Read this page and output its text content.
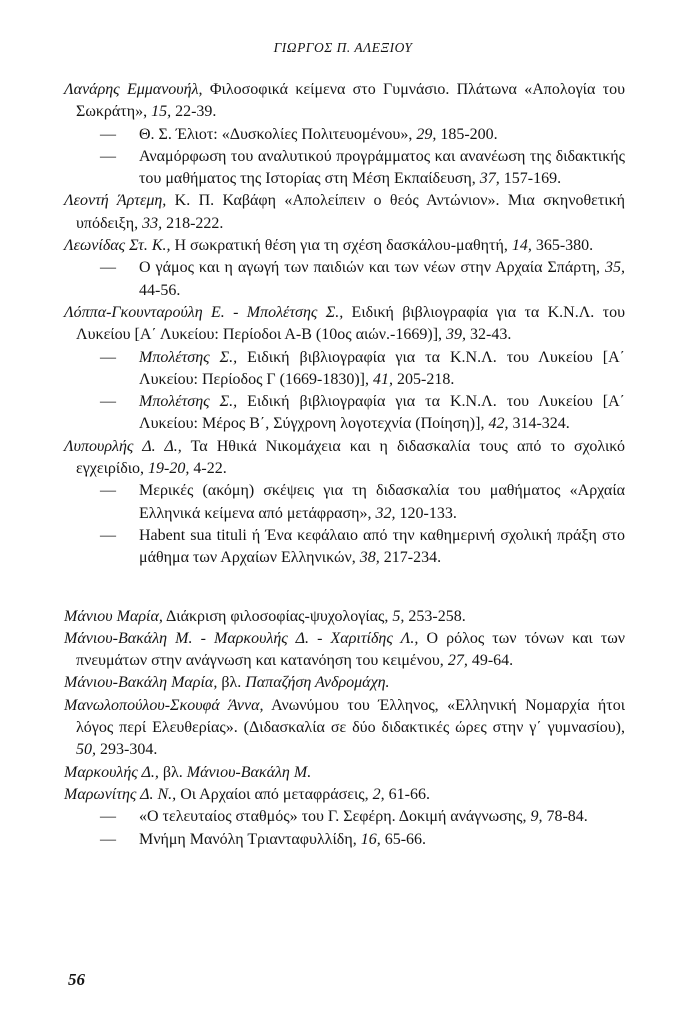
ΓΙΩΡΓΟΣ Π. ΑΛΕΞΙΟΥ

Λανάρης Εμμανουήλ, Φιλοσοφικά κείμενα στο Γυμνάσιο. Πλάτωνα «Απολογία του Σωκράτη», 15, 22-39.

— Θ. Σ. Έλιοτ: «Δυσκολίες Πολιτευομένου», 29, 185-200.

— Αναμόρφωση του αναλυτικού προγράμματος και ανανέωση της διδακτικής του μαθήματος της Ιστορίας στη Μέση Εκπαίδευση, 37, 157-169.

Λεοντή Άρτεμη, Κ. Π. Καβάφη «Απολείπειν ο θεός Αντώνιον». Μια σκηνοθετική υπόδειξη, 33, 218-222.

Λεωνίδας Στ. Κ., Η σωκρατική θέση για τη σχέση δασκάλου-μαθητή, 14, 365-380.

— Ο γάμος και η αγωγή των παιδιών και των νέων στην Αρχαία Σπάρτη, 35, 44-56.

Λόππα-Γκουνταρούλη Ε. - Μπολέτσης Σ., Ειδική βιβλιογραφία για τα Κ.Ν.Λ. του Λυκείου [Α΄ Λυκείου: Περίοδοι Α-Β (10ος αιών.-1669)], 39, 32-43.

— Μπολέτσης Σ., Ειδική βιβλιογραφία για τα Κ.Ν.Λ. του Λυκείου [Α΄ Λυκείου: Περίοδος Γ (1669-1830)], 41, 205-218.

— Μπολέτσης Σ., Ειδική βιβλιογραφία για τα Κ.Ν.Λ. του Λυκείου [Α΄ Λυκείου: Μέρος Β΄, Σύγχρονη λογοτεχνία (Ποίηση)], 42, 314-324.

Λυπουρλής Δ. Δ., Τα Ηθικά Νικομάχεια και η διδασκαλία τους από το σχολικό εγχειρίδιο, 19-20, 4-22.

— Μερικές (ακόμη) σκέψεις για τη διδασκαλία του μαθήματος «Αρχαία Ελληνικά κείμενα από μετάφραση», 32, 120-133.

— Habent sua tituli ή Ένα κεφάλαιο από την καθημερινή σχολική πράξη στο μάθημα των Αρχαίων Ελληνικών, 38, 217-234.

Μάνιου Μαρία, Διάκριση φιλοσοφίας-ψυχολογίας, 5, 253-258.

Μάνιου-Βακάλη Μ. - Μαρκουλής Δ. - Χαριτίδης Λ., Ο ρόλος των τόνων και των πνευμάτων στην ανάγνωση και κατανόηση του κειμένου, 27, 49-64.

Μάνιου-Βακάλη Μαρία, βλ. Παπαζήση Ανδρομάχη.

Μανωλοπούλου-Σκουφά Άννα, Ανωνύμου του Έλληνος, «Ελληνική Νομαρχία ήτοι λόγος περί Ελευθερίας». (Διδασκαλία σε δύο διδακτικές ώρες στην γ΄ γυμνασίου), 50, 293-304.

Μαρκουλής Δ., βλ. Μάνιου-Βακάλη Μ.

Μαρωνίτης Δ. Ν., Οι Αρχαίοι από μεταφράσεις, 2, 61-66.

— «Ο τελευταίος σταθμός» του Γ. Σεφέρη. Δοκιμή ανάγνωσης, 9, 78-84.

— Μνήμη Μανόλη Τριανταφυλλίδη, 16, 65-66.

56
